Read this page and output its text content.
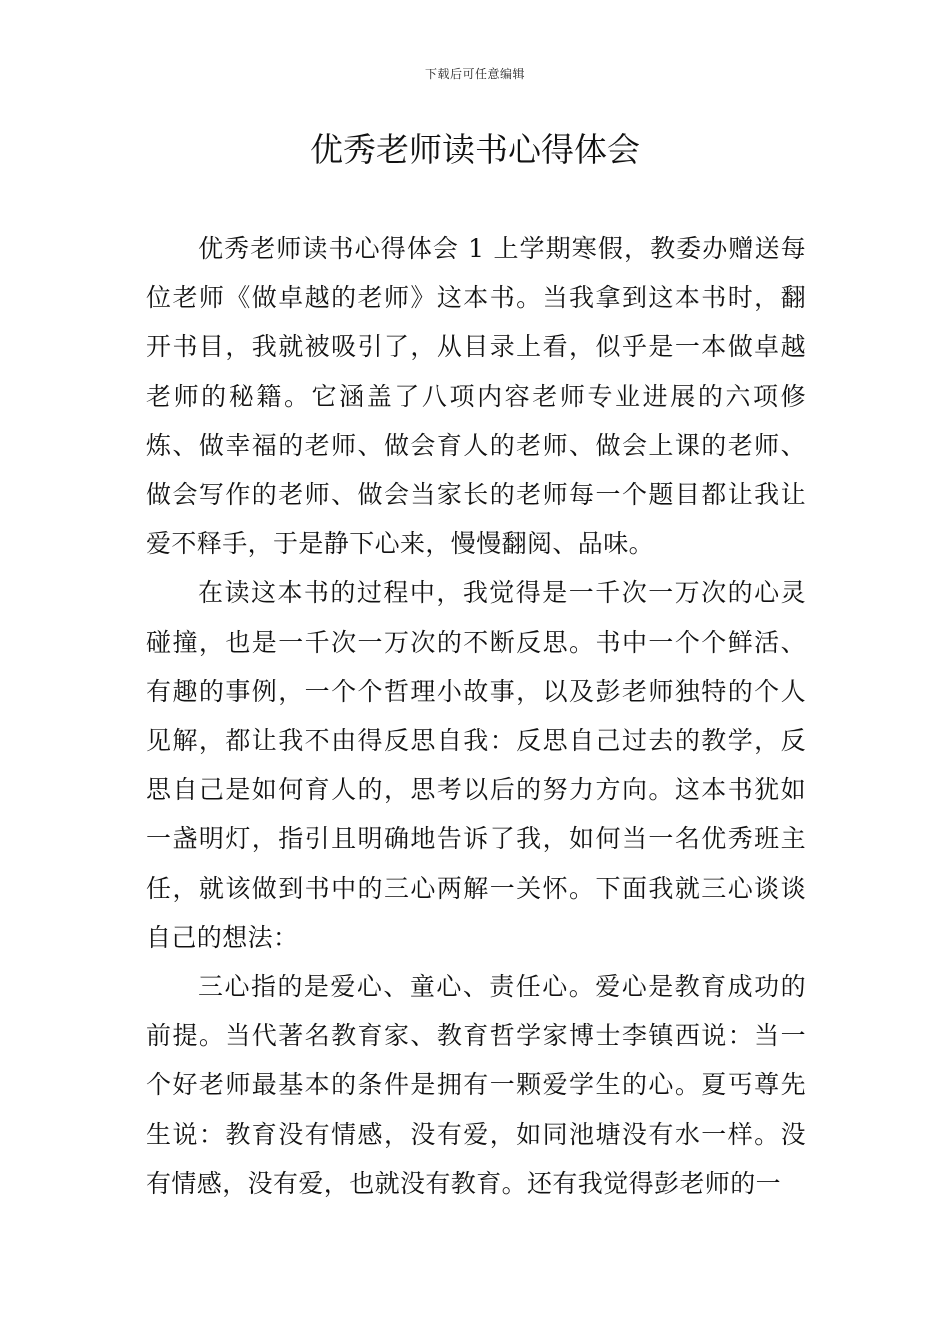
下载后可任意编辑
优秀老师读书心得体会

优秀老师读书心得体会 1 上学期寒假，教委办赠送每位老师《做卓越的老师》这本书。当我拿到这本书时，翻开书目，我就被吸引了，从目录上看，似乎是一本做卓越老师的秘籍。它涵盖了八项内容老师专业进展的六项修炼、做幸福的老师、做会育人的老师、做会上课的老师、做会写作的老师、做会当家长的老师每一个题目都让我让爱不释手，于是静下心来，慢慢翻阅、品味。

在读这本书的过程中，我觉得是一千次一万次的心灵碰撞，也是一千次一万次的不断反思。书中一个个鲜活、有趣的事例，一个个哲理小故事，以及彭老师独特的个人见解，都让我不由得反思自我：反思自己过去的教学，反思自己是如何育人的，思考以后的努力方向。这本书犹如一盏明灯，指引且明确地告诉了我，如何当一名优秀班主任，就该做到书中的三心两解一关怀。下面我就三心谈谈自己的想法：

三心指的是爱心、童心、责任心。爱心是教育成功的前提。当代著名教育家、教育哲学家博士李镇西说：当一个好老师最基本的条件是拥有一颗爱学生的心。夏丐尊先生说：教育没有情感，没有爱，如同池塘没有水一样。没有情感，没有爱，也就没有教育。还有我觉得彭老师的一
